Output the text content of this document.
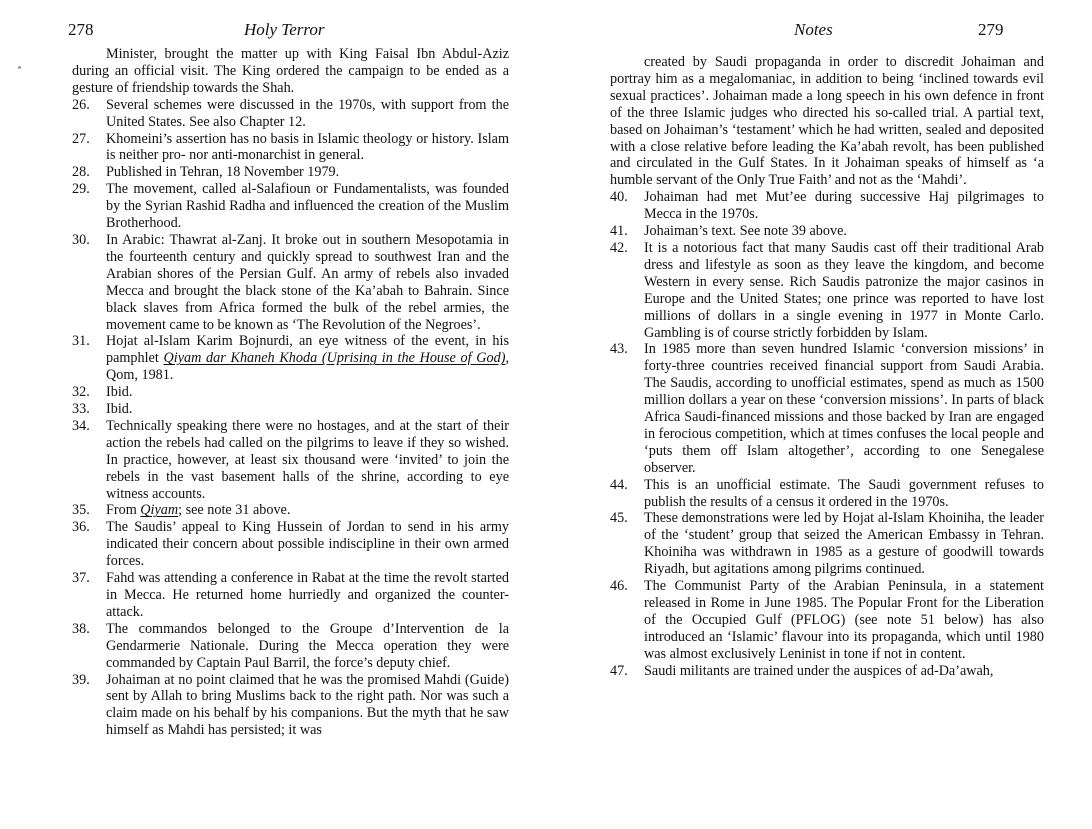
278	Holy Terror
Minister, brought the matter up with King Faisal Ibn Abdul-Aziz during an official visit. The King ordered the campaign to be ended as a gesture of friendship towards the Shah.
26.	Several schemes were discussed in the 1970s, with support from the United States. See also Chapter 12.
27.	Khomeini’s assertion has no basis in Islamic theology or history. Islam is neither pro- nor anti-monarchist in general.
28.	Published in Tehran, 18 November 1979.
29.	The movement, called al-Salafioun or Fundamentalists, was founded by the Syrian Rashid Radha and influenced the creation of the Muslim Brotherhood.
30.	In Arabic: Thawrat al-Zanj. It broke out in southern Mesopotamia in the fourteenth century and quickly spread to southwest Iran and the Arabian shores of the Persian Gulf. An army of rebels also invaded Mecca and brought the black stone of the Ka’abah to Bahrain. Since black slaves from Africa formed the bulk of the rebel armies, the movement came to be known as ‘The Revolution of the Negroes’.
31.	Hojat al-Islam Karim Bojnurdi, an eye witness of the event, in his pamphlet Qiyam dar Khaneh Khoda (Uprising in the House of God), Qom, 1981.
32.	Ibid.
33.	Ibid.
34.	Technically speaking there were no hostages, and at the start of their action the rebels had called on the pilgrims to leave if they so wished. In practice, however, at least six thousand were ‘invited’ to join the rebels in the vast basement halls of the shrine, according to eye witness accounts.
35.	From Qiyam; see note 31 above.
36.	The Saudis’ appeal to King Hussein of Jordan to send in his army indicated their concern about possible indiscipline in their own armed forces.
37.	Fahd was attending a conference in Rabat at the time the revolt started in Mecca. He returned home hurriedly and organized the counter-attack.
38.	The commandos belonged to the Groupe d’Intervention de la Gendarmerie Nationale. During the Mecca operation they were commanded by Captain Paul Barril, the force’s deputy chief.
39.	Johaiman at no point claimed that he was the promised Mahdi (Guide) sent by Allah to bring Muslims back to the right path. Nor was such a claim made on his behalf by his companions. But the myth that he saw himself as Mahdi has persisted; it was
Notes	279
created by Saudi propaganda in order to discredit Johaiman and portray him as a megalomaniac, in addition to being ‘inclined towards evil sexual practices’. Johaiman made a long speech in his own defence in front of the three Islamic judges who directed his so-called trial. A partial text, based on Johaiman’s ‘testament’ which he had written, sealed and deposited with a close relative before leading the Ka’abah revolt, has been published and circulated in the Gulf States. In it Johaiman speaks of himself as ‘a humble servant of the Only True Faith’ and not as the ‘Mahdi’.
40.	Johaiman had met Mut’ee during successive Haj pilgrimages to Mecca in the 1970s.
41.	Johaiman’s text. See note 39 above.
42.	It is a notorious fact that many Saudis cast off their traditional Arab dress and lifestyle as soon as they leave the kingdom, and become Western in every sense. Rich Saudis patronize the major casinos in Europe and the United States; one prince was reported to have lost millions of dollars in a single evening in 1977 in Monte Carlo. Gambling is of course strictly forbidden by Islam.
43.	In 1985 more than seven hundred Islamic ‘conversion missions’ in forty-three countries received financial support from Saudi Arabia. The Saudis, according to unofficial estimates, spend as much as 1500 million dollars a year on these ‘conversion missions’. In parts of black Africa Saudi-financed missions and those backed by Iran are engaged in ferocious competition, which at times confuses the local people and ‘puts them off Islam altogether’, according to one Senegalese observer.
44.	This is an unofficial estimate. The Saudi government refuses to publish the results of a census it ordered in the 1970s.
45.	These demonstrations were led by Hojat al-Islam Khoiniha, the leader of the ‘student’ group that seized the American Embassy in Tehran. Khoiniha was withdrawn in 1985 as a gesture of goodwill towards Riyadh, but agitations among pilgrims continued.
46.	The Communist Party of the Arabian Peninsula, in a statement released in Rome in June 1985. The Popular Front for the Liberation of the Occupied Gulf (PFLOG) (see note 51 below) has also introduced an ‘Islamic’ flavour into its propaganda, which until 1980 was almost exclusively Leninist in tone if not in content.
47.	Saudi militants are trained under the auspices of ad-Da’awah,
